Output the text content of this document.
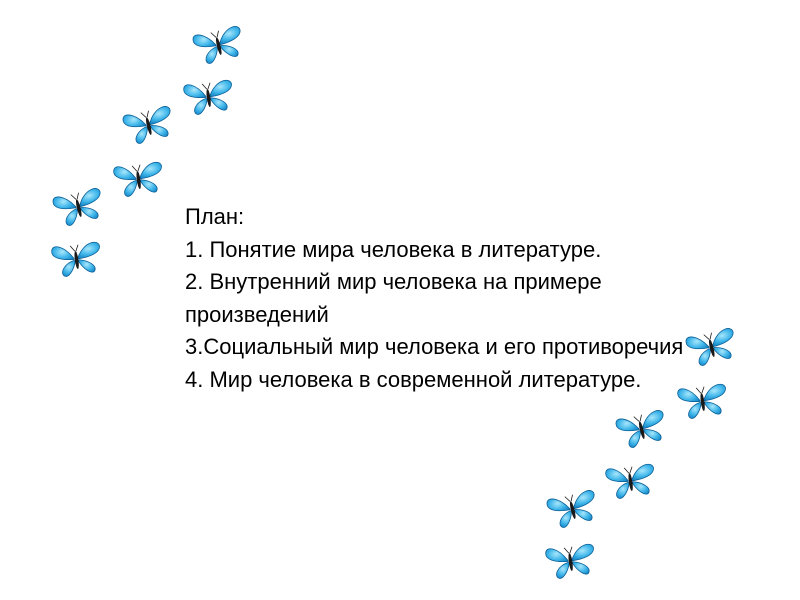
План:

1. Понятие мира человека в литературе.

2. Внутренний мир человека на примере произведений

3.Социальный мир человека и его противоречия

4. Мир человека в современной литературе.
